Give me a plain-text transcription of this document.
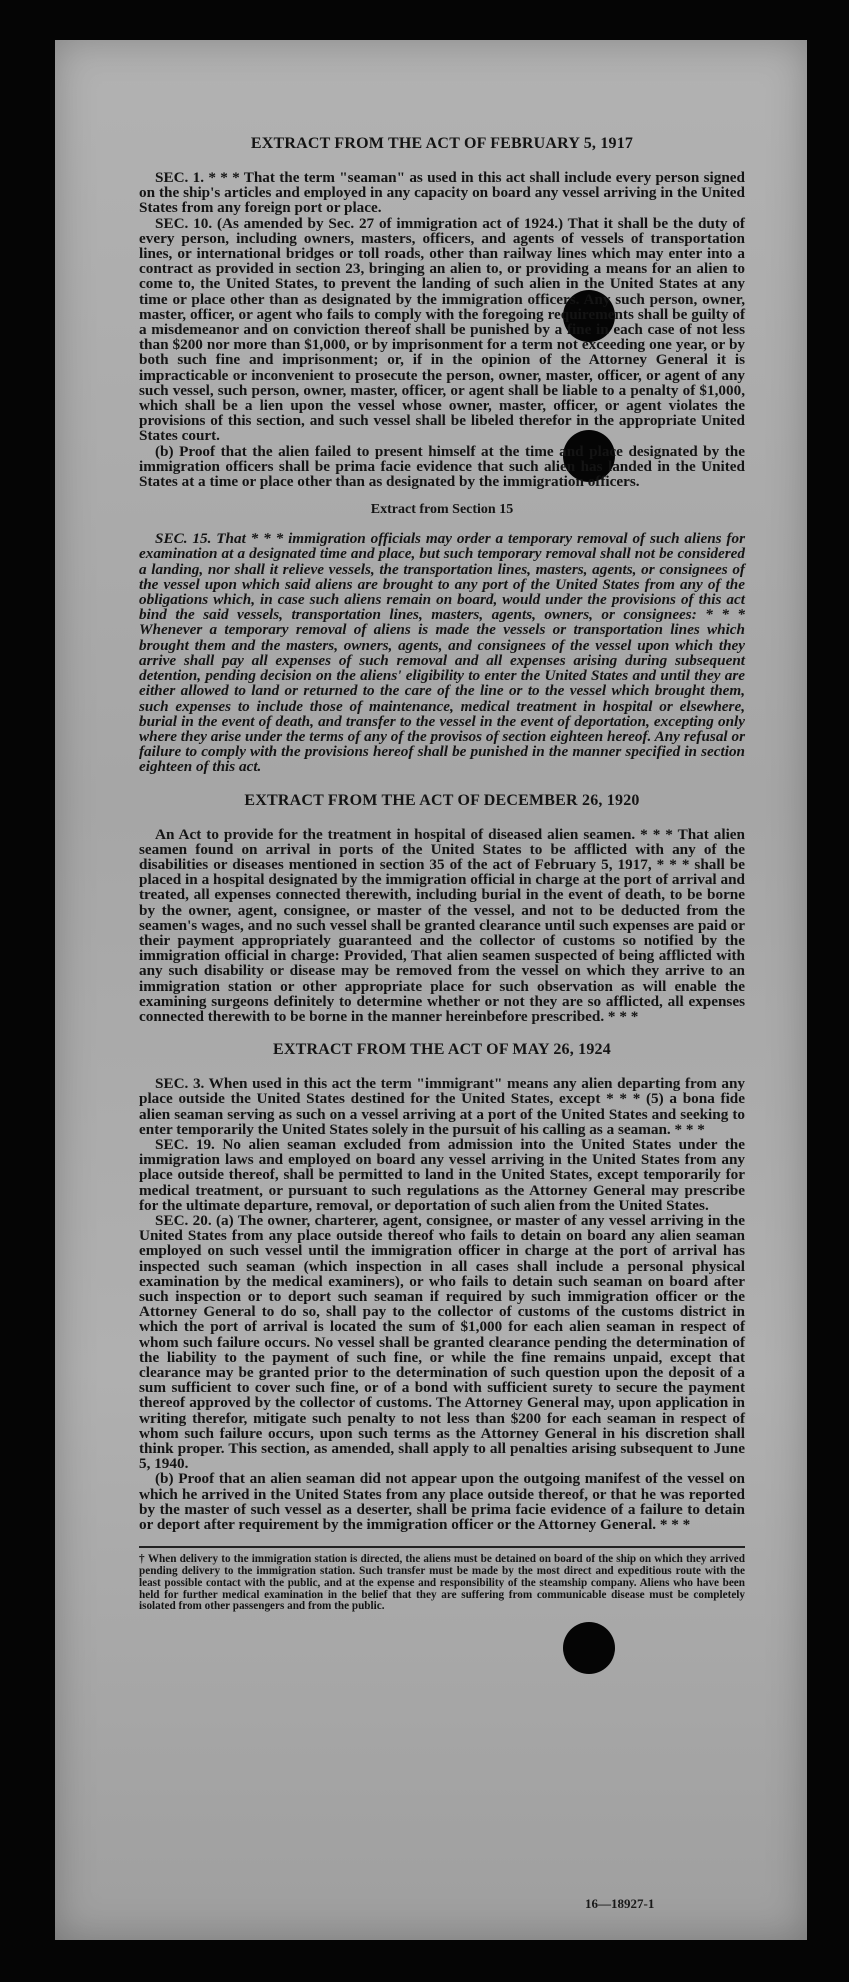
EXTRACT FROM THE ACT OF FEBRUARY 5, 1917

SEC. 1. * * * That the term "seaman" as used in this act shall include every person signed on the ship's articles and employed in any capacity on board any vessel arriving in the United States from any foreign port or place.

SEC. 10. (As amended by Sec. 27 of immigration act of 1924.) That it shall be the duty of every person, including owners, masters, officers, and agents of vessels of transportation lines, or international bridges or toll roads, other than railway lines which may enter into a contract as provided in section 23, bringing an alien to, or providing a means for an alien to come to, the United States, to prevent the landing of such alien in the United States at any time or place other than as designated by the immigration officers. Any such person, owner, master, officer, or agent who fails to comply with the foregoing requirements shall be guilty of a misdemeanor and on conviction thereof shall be punished by a fine in each case of not less than $200 nor more than $1,000, or by imprisonment for a term not exceeding one year, or by both such fine and imprisonment; or, if in the opinion of the Attorney General it is impracticable or inconvenient to prosecute the person, owner, master, officer, or agent of any such vessel, such person, owner, master, officer, or agent shall be liable to a penalty of $1,000, which shall be a lien upon the vessel whose owner, master, officer, or agent violates the provisions of this section, and such vessel shall be libeled therefor in the appropriate United States court.

(b) Proof that the alien failed to present himself at the time and place designated by the immigration officers shall be prima facie evidence that such alien has landed in the United States at a time or place other than as designated by the immigration officers.

Extract from Section 15

SEC. 15. That * * * immigration officials may order a temporary removal of such aliens for examination at a designated time and place, but such temporary removal shall not be considered a landing, nor shall it relieve vessels, the transportation lines, masters, agents, or consignees of the vessel upon which said aliens are brought to any port of the United States from any of the obligations which, in case such aliens remain on board, would under the provisions of this act bind the said vessels, transportation lines, masters, agents, owners, or consignees: * * * Whenever a temporary removal of aliens is made the vessels or transportation lines which brought them and the masters, owners, agents, and consignees of the vessel upon which they arrive shall pay all expenses of such removal and all expenses arising during subsequent detention, pending decision on the aliens' eligibility to enter the United States and until they are either allowed to land or returned to the care of the line or to the vessel which brought them, such expenses to include those of maintenance, medical treatment in hospital or elsewhere, burial in the event of death, and transfer to the vessel in the event of deportation, excepting only where they arise under the terms of any of the provisos of section eighteen hereof. Any refusal or failure to comply with the provisions hereof shall be punished in the manner specified in section eighteen of this act.

EXTRACT FROM THE ACT OF DECEMBER 26, 1920

An Act to provide for the treatment in hospital of diseased alien seamen. * * * That alien seamen found on arrival in ports of the United States to be afflicted with any of the disabilities or diseases mentioned in section 35 of the act of February 5, 1917, * * * shall be placed in a hospital designated by the immigration official in charge at the port of arrival and treated, all expenses connected therewith, including burial in the event of death, to be borne by the owner, agent, consignee, or master of the vessel, and not to be deducted from the seamen's wages, and no such vessel shall be granted clearance until such expenses are paid or their payment appropriately guaranteed and the collector of customs so notified by the immigration official in charge: Provided, That alien seamen suspected of being afflicted with any such disability or disease may be removed from the vessel on which they arrive to an immigration station or other appropriate place for such observation as will enable the examining surgeons definitely to determine whether or not they are so afflicted, all expenses connected therewith to be borne in the manner hereinbefore prescribed. * * *

EXTRACT FROM THE ACT OF MAY 26, 1924

SEC. 3. When used in this act the term "immigrant" means any alien departing from any place outside the United States destined for the United States, except * * * (5) a bona fide alien seaman serving as such on a vessel arriving at a port of the United States and seeking to enter temporarily the United States solely in the pursuit of his calling as a seaman. * * *

SEC. 19. No alien seaman excluded from admission into the United States under the immigration laws and employed on board any vessel arriving in the United States from any place outside thereof, shall be permitted to land in the United States, except temporarily for medical treatment, or pursuant to such regulations as the Attorney General may prescribe for the ultimate departure, removal, or deportation of such alien from the United States.

SEC. 20. (a) The owner, charterer, agent, consignee, or master of any vessel arriving in the United States from any place outside thereof who fails to detain on board any alien seaman employed on such vessel until the immigration officer in charge at the port of arrival has inspected such seaman (which inspection in all cases shall include a personal physical examination by the medical examiners), or who fails to detain such seaman on board after such inspection or to deport such seaman if required by such immigration officer or the Attorney General to do so, shall pay to the collector of customs of the customs district in which the port of arrival is located the sum of $1,000 for each alien seaman in respect of whom such failure occurs. No vessel shall be granted clearance pending the determination of the liability to the payment of such fine, or while the fine remains unpaid, except that clearance may be granted prior to the determination of such question upon the deposit of a sum sufficient to cover such fine, or of a bond with sufficient surety to secure the payment thereof approved by the collector of customs. The Attorney General may, upon application in writing therefor, mitigate such penalty to not less than $200 for each seaman in respect of whom such failure occurs, upon such terms as the Attorney General in his discretion shall think proper. This section, as amended, shall apply to all penalties arising subsequent to June 5, 1940.

(b) Proof that an alien seaman did not appear upon the outgoing manifest of the vessel on which he arrived in the United States from any place outside thereof, or that he was reported by the master of such vessel as a deserter, shall be prima facie evidence of a failure to detain or deport after requirement by the immigration officer or the Attorney General. * * *

† When delivery to the immigration station is directed, the aliens must be detained on board of the ship on which they arrived pending delivery to the immigration station. Such transfer must be made by the most direct and expeditious route with the least possible contact with the public, and at the expense and responsibility of the steamship company. Aliens who have been held for further medical examination in the belief that they are suffering from communicable disease must be completely isolated from other passengers and from the public.
16—18927-1
